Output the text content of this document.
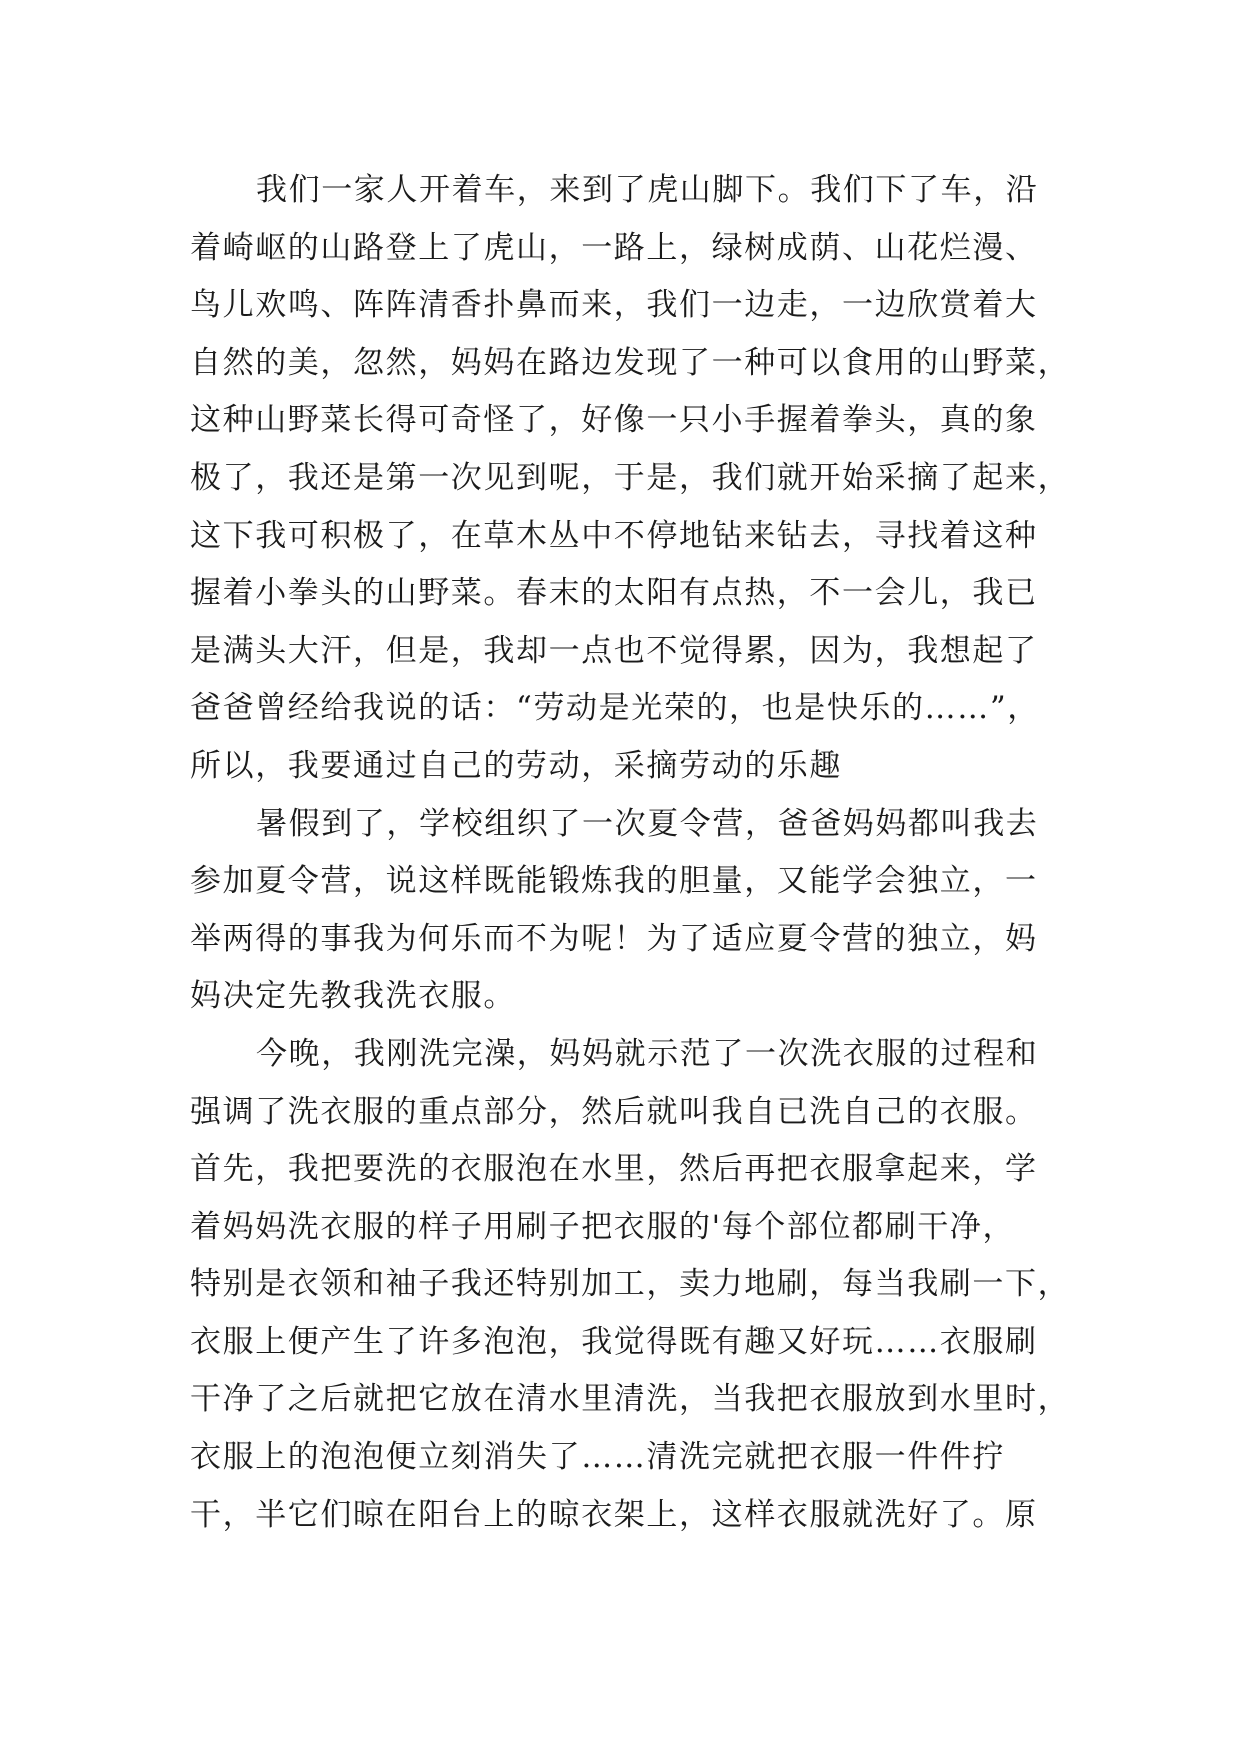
我们一家人开着车，来到了虎山脚下。我们下了车，沿
着崎岖的山路登上了虎山，一路上，绿树成荫、山花烂漫、
鸟儿欢鸣、阵阵清香扑鼻而来，我们一边走，一边欣赏着大
自然的美，忽然，妈妈在路边发现了一种可以食用的山野菜，
这种山野菜长得可奇怪了，好像一只小手握着拳头，真的象
极了，我还是第一次见到呢，于是，我们就开始采摘了起来，
这下我可积极了，在草木丛中不停地钻来钻去，寻找着这种
握着小拳头的山野菜。春末的太阳有点热，不一会儿，我已
是满头大汗，但是，我却一点也不觉得累，因为，我想起了
爸爸曾经给我说的话：“劳动是光荣的，也是快乐的……”，
所以，我要通过自己的劳动，采摘劳动的乐趣
暑假到了，学校组织了一次夏令营，爸爸妈妈都叫我去
参加夏令营，说这样既能锻炼我的胆量，又能学会独立，一
举两得的事我为何乐而不为呢！为了适应夏令营的独立，妈
妈决定先教我洗衣服。
今晚，我刚洗完澡，妈妈就示范了一次洗衣服的过程和
强调了洗衣服的重点部分，然后就叫我自已洗自己的衣服。
首先，我把要洗的衣服泡在水里，然后再把衣服拿起来，学
着妈妈洗衣服的样子用刷子把衣服的'每个部位都刷干净，
特别是衣领和袖子我还特别加工，卖力地刷，每当我刷一下，
衣服上便产生了许多泡泡，我觉得既有趣又好玩……衣服刷
干净了之后就把它放在清水里清洗，当我把衣服放到水里时，
衣服上的泡泡便立刻消失了……清洗完就把衣服一件件拧
干，半它们晾在阳台上的晾衣架上，这样衣服就洗好了。原
